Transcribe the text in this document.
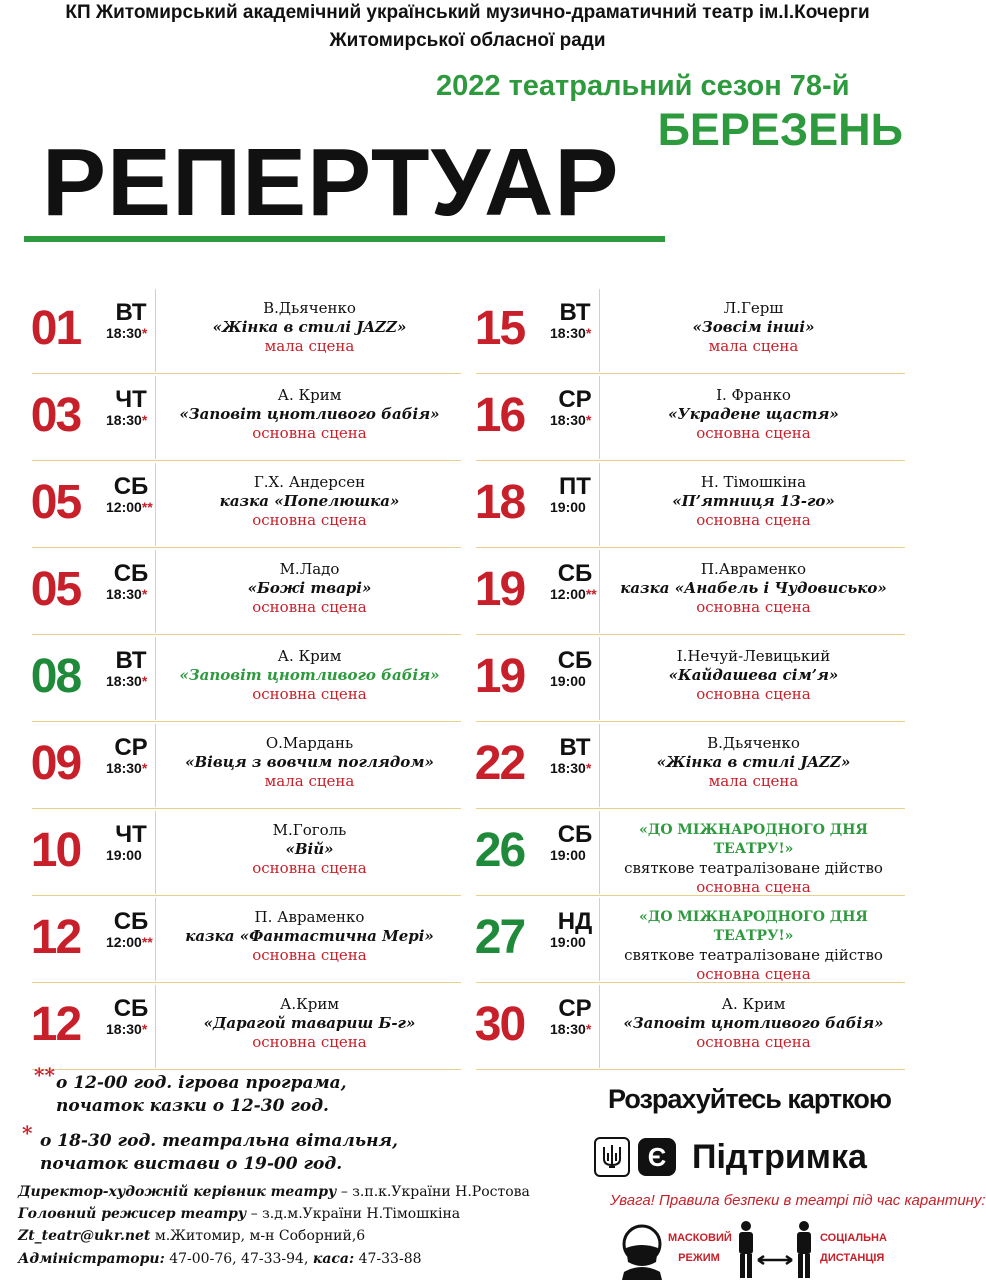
КП Житомирський академічний український музично-драматичний театр ім.І.Кочерги
Житомирської обласної ради
2022 театральний сезон 78-й
БЕРЕЗЕНЬ
РЕПЕРТУАР
01	ВТ
18:30*
В.Дьяченко
«Жінка в стилі JAZZ»
мала сцена
03	ЧТ
18:30*
А. Крим
«Заповіт цнотливого бабія»
основна сцена
05	СБ
12:00**
Г.Х. Андерсен
казка «Попелюшка»
основна сцена
05	СБ
18:30*
М.Ладо
«Божі тварі»
основна сцена
08	ВТ
18:30*
А. Крим
«Заповіт цнотливого бабія»
основна сцена
09	СР
18:30*
О.Мардань
«Вівця з вовчим поглядом»
мала сцена
10	ЧТ
19:00
М.Гоголь
«Вій»
основна сцена
12	СБ
12:00**
П. Авраменко
казка «Фантастична Мері»
основна сцена
12	СБ
18:30*
А.Крим
«Дарагой тавариш Б-г»
основна сцена
15	ВТ
18:30*
Л.Герш
«Зовсім інші»
мала сцена
16	СР
18:30*
І. Франко
«Украдене щастя»
основна сцена
18	ПТ
19:00
Н. Тімошкіна
«П’ятниця 13-го»
основна сцена
19	СБ
12:00**
П.Авраменко
казка «Анабель і Чудовисько»
основна сцена
19	СБ
19:00
І.Нечуй-Левицький
«Кайдашева сім’я»
основна сцена
22	ВТ
18:30*
В.Дьяченко
«Жінка в стилі JAZZ»
мала сцена
26	СБ
19:00
«ДО МІЖНАРОДНОГО ДНЯ ТЕАТРУ!»
святкове театралізоване дійство
основна сцена
27	НД
19:00
«ДО МІЖНАРОДНОГО ДНЯ ТЕАТРУ!»
святкове театралізоване дійство
основна сцена
30	СР
18:30*
А. Крим
«Заповіт цнотливого бабія»
основна сцена
** о 12-00 год. ігрова програма,
початок казки о 12-30 год.
* о 18-30 год. театральна вітальня,
початок вистави о 19-00 год.
Директор-художній керівник театру – з.п.к.України Н.Ростова
Головний режисер театру – з.д.м.України Н.Тімошкіна
Zt_teatr@ukr.net м.Житомир, м-н Соборний,6
Адміністратори: 47-00-76, 47-33-94, каса: 47-33-88
Розрахуйтесь карткою
Є Підтримка
Увага! Правила безпеки в театрі під час карантину:
МАСКОВИЙ РЕЖИМ
СОЦІАЛЬНА ДИСТАНЦІЯ
